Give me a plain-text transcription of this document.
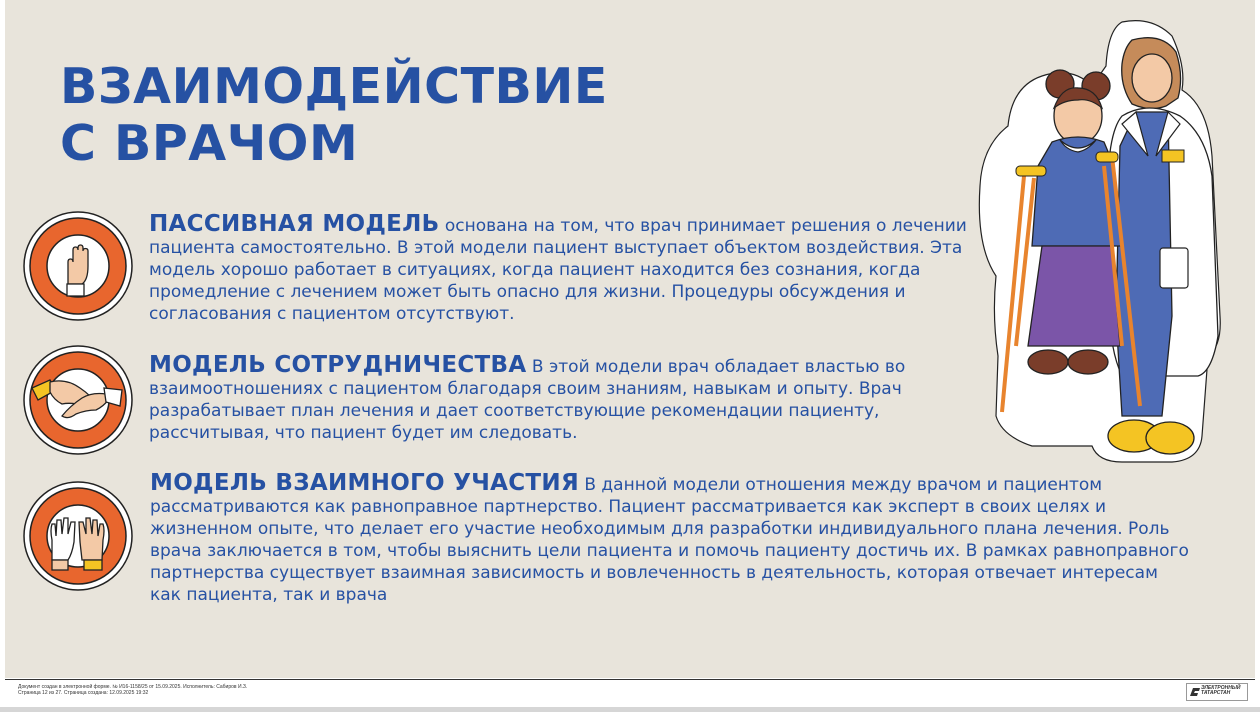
ВЗАИМОДЕЙСТВИЕ
С ВРАЧОМ
ПАССИВНАЯ МОДЕЛЬ основана на том, что врач принимает решения о лечении пациента самостоятельно. В этой модели пациент выступает объектом воздействия. Эта модель хорошо работает в ситуациях, когда пациент находится без сознания, когда промедление с лечением может быть опасно для жизни. Процедуры обсуждения и согласования с пациентом отсутствуют.
МОДЕЛЬ СОТРУДНИЧЕСТВА В этой модели врач обладает властью во взаимоотношениях с пациентом благодаря своим знаниям, навыкам и опыту. Врач разрабатывает план лечения и дает соответствующие рекомендации пациенту, рассчитывая, что пациент будет им следовать.
МОДЕЛЬ ВЗАИМНОГО УЧАСТИЯ В данной модели отношения между врачом и пациентом рассматриваются как равноправное партнерство. Пациент рассматривается как эксперт в своих целях и жизненном опыте, что делает его участие необходимым для разработки индивидуального плана лечения. Роль врача заключается в том, чтобы выяснить цели пациента и помочь пациенту достичь их. В рамках равноправного партнерства существует взаимная зависимость и вовлеченность в деятельность, которая отвечает интересам как пациента, так и врача
Документ создан в электронной форме. № И16-1158/25 от 15.09.2025. Исполнитель: Сабиров И.З.
Страница 12 из 27. Страница создана: 12.09.2025 19:32
ЭЛЕКТРОННЫЙ
ТАТАРСТАН
